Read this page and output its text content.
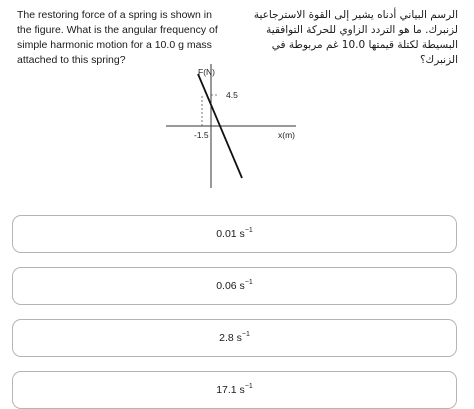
The restoring force of a spring is shown in the figure. What is the angular frequency of simple harmonic motion for a 10.0 g mass attached to this spring?

الرسم البياني أدناه يشير إلى القوة الاسترجاعية لزنبرك. ما هو التردد الزاوي للحركة التوافقية البسيطة لكتلة قيمتها 10.0 غم مربوطة في الزنبرك؟

F(N)
x(m)
4.5
-1.5
0.01 $s^{-1}$
0.06 $s^{-1}$
2.8 $s^{-1}$
17.1 $s^{-1}$
